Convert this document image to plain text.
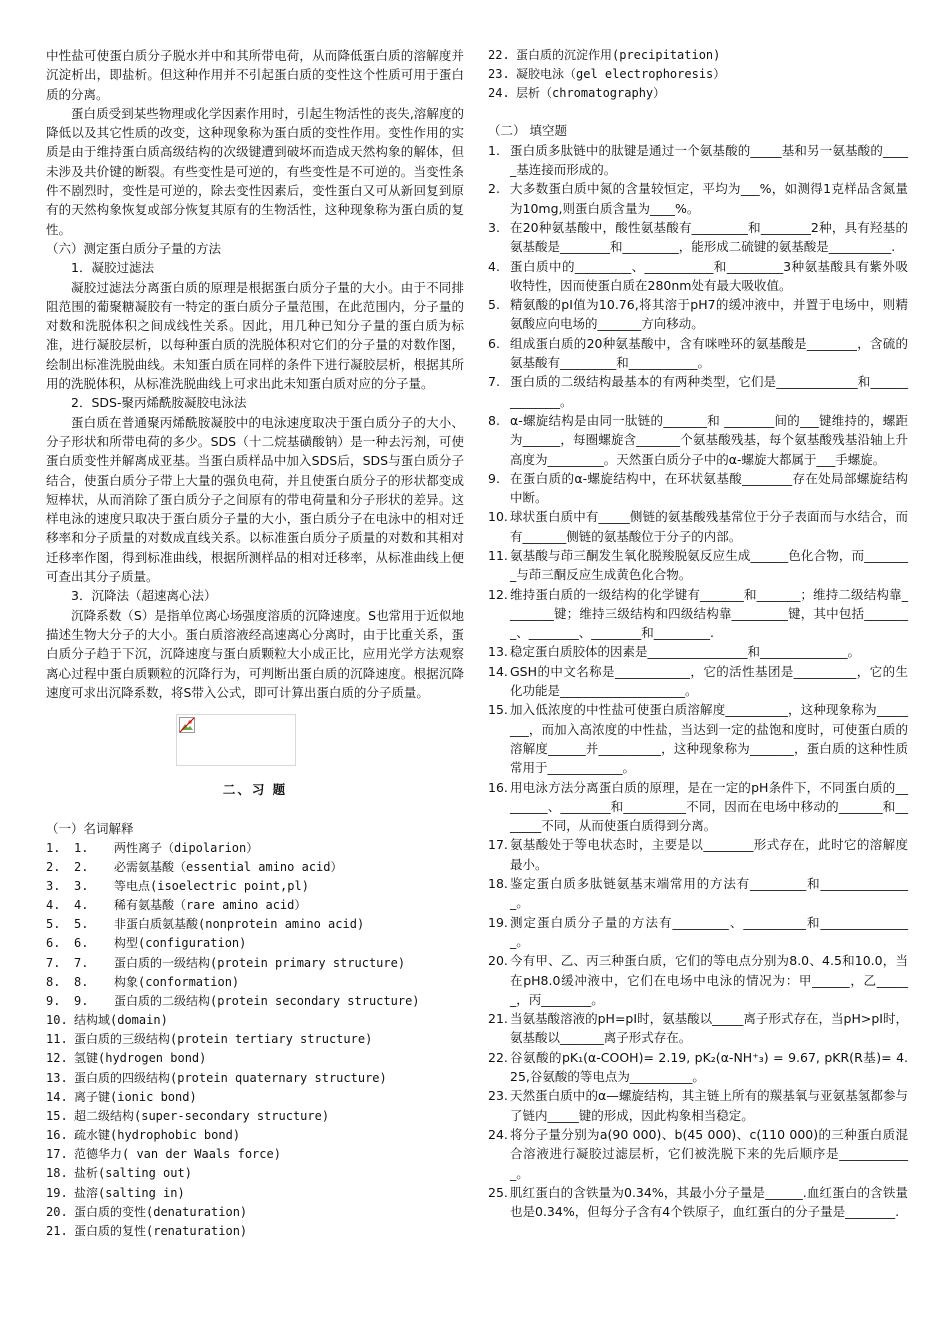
中性盐可使蛋白质分子脱水并中和其所带电荷，从而降低蛋白质的溶解度并沉淀析出，即盐析。但这种作用并不引起蛋白质的变性这个性质可用于蛋白质的分离。

蛋白质受到某些物理或化学因素作用时，引起生物活性的丧失,溶解度的降低以及其它性质的改变，这种现象称为蛋白质的变性作用。变性作用的实质是由于维持蛋白质高级结构的次级键遭到破坏而造成天然构象的解体，但未涉及共价键的断裂。有些变性是可逆的，有些变性是不可逆的。当变性条件不剧烈时，变性是可逆的，除去变性因素后，变性蛋白又可从新回复到原有的天然构象恢复或部分恢复其原有的生物活性，这种现象称为蛋白质的复性。

（六）测定蛋白质分子量的方法

1．凝胶过滤法

凝胶过滤法分离蛋白质的原理是根据蛋白质分子量的大小。由于不同排阻范围的葡聚糖凝胶有一特定的蛋白质分子量范围，在此范围内，分子量的对数和洗脱体积之间成线性关系。因此，用几种已知分子量的蛋白质为标准，进行凝胶层析，以每种蛋白质的洗脱体积对它们的分子量的对数作图，绘制出标准洗脱曲线。未知蛋白质在同样的条件下进行凝胶层析，根据其所用的洗脱体积，从标准洗脱曲线上可求出此未知蛋白质对应的分子量。

2．SDS-聚丙烯酰胺凝胶电泳法

蛋白质在普通聚丙烯酰胺凝胶中的电泳速度取决于蛋白质分子的大小、分子形状和所带电荷的多少。SDS（十二烷基磺酸钠）是一种去污剂，可使蛋白质变性并解离成亚基。当蛋白质样品中加入SDS后，SDS与蛋白质分子结合，使蛋白质分子带上大量的强负电荷，并且使蛋白质分子的形状都变成短棒状，从而消除了蛋白质分子之间原有的带电荷量和分子形状的差异。这样电泳的速度只取决于蛋白质分子量的大小，蛋白质分子在电泳中的相对迁移率和分子质量的对数成直线关系。以标准蛋白质分子质量的对数和其相对迁移率作图，得到标准曲线，根据所测样品的相对迁移率，从标准曲线上便可查出其分子质量。

3．沉降法（超速离心法）

沉降系数（S）是指单位离心场强度溶质的沉降速度。S也常用于近似地描述生物大分子的大小。蛋白质溶液经高速离心分离时，由于比重关系，蛋白质分子趋于下沉，沉降速度与蛋白质颗粒大小成正比，应用光学方法观察离心过程中蛋白质颗粒的沉降行为，可判断出蛋白质的沉降速度。根据沉降速度可求出沉降系数，将S带入公式，即可计算出蛋白质的分子质量。

二、习 题

（一）名词解释

1.	1.	两性离子（dipolarion）
2.	2.	必需氨基酸（essential amino acid）
3.	3.	等电点(isoelectric point,pl)
4.	4.	稀有氨基酸（rare amino acid）
5.	5.	非蛋白质氨基酸(nonprotein amino acid)
6.	6.	构型(configuration)
7.	7.	蛋白质的一级结构(protein primary structure)
8.	8.	构象(conformation)
9.	9.	蛋白质的二级结构(protein secondary structure)
10. 结构域(domain)
11. 蛋白质的三级结构(protein tertiary structure)
12. 氢键(hydrogen bond)
13. 蛋白质的四级结构(protein quaternary structure)
14. 离子键(ionic bond)
15. 超二级结构(super-secondary structure)
16. 疏水键(hydrophobic bond)
17. 范德华力( van der Waals force)
18. 盐析(salting out)
19. 盐溶(salting in)
20. 蛋白质的变性(denaturation)
21. 蛋白质的复性(renaturation)
22. 蛋白质的沉淀作用(precipitation)
23. 凝胶电泳（gel electrophoresis）
24. 层析（chromatography）

（二） 填空题

1. 蛋白质多肽链中的肽键是通过一个氨基酸的_____基和另一氨基酸的_____基连接而形成的。
2. 大多数蛋白质中氮的含量较恒定，平均为___%，如测得1克样品含氮量为10mg,则蛋白质含量为____%。
3. 在20种氨基酸中，酸性氨基酸有_________和________2种，具有羟基的氨基酸是________和_________，能形成二硫键的氨基酸是__________.
4. 蛋白质中的_________、___________和_________3种氨基酸具有紫外吸收特性，因而使蛋白质在280nm处有最大吸收值。
5. 精氨酸的pI值为10.76,将其溶于pH7的缓冲液中，并置于电场中，则精氨酸应向电场的_______方向移动。
6. 组成蛋白质的20种氨基酸中，含有咪唑环的氨基酸是________，含硫的氨基酸有_________和___________。
7. 蛋白质的二级结构最基本的有两种类型，它们是_____________和______________。
8. α-螺旋结构是由同一肽链的_______和 ________间的___键维持的，螺距为______，每圈螺旋含_______个氨基酸残基，每个氨基酸残基沿轴上升高度为_________。天然蛋白质分子中的α-螺旋大都属于___手螺旋。
9. 在蛋白质的α-螺旋结构中，在环状氨基酸________存在处局部螺旋结构中断。
10. 球状蛋白质中有_____侧链的氨基酸残基常位于分子表面而与水结合，而有_______侧链的氨基酸位于分子的内部。
11. 氨基酸与茚三酮发生氧化脱羧脱氨反应生成______色化合物，而________与茚三酮反应生成黄色化合物。
12. 维持蛋白质的一级结构的化学键有_______和_______；维持二级结构靠________键；维持三级结构和四级结构靠_________键，其中包括________、________、________和_________.
13. 稳定蛋白质胶体的因素是________________和______________。
14. GSH的中文名称是____________，它的活性基团是__________，它的生化功能是____________________。
15. 加入低浓度的中性盐可使蛋白质溶解度__________，这种现象称为________，而加入高浓度的中性盐，当达到一定的盐饱和度时，可使蛋白质的溶解度______并__________，这种现象称为_______，蛋白质的这种性质常用于____________。
16. 用电泳方法分离蛋白质的原理，是在一定的pH条件下，不同蛋白质的________、________和__________不同，因而在电场中移动的_______和_______不同，从而使蛋白质得到分离。
17. 氨基酸处于等电状态时，主要是以________形式存在，此时它的溶解度最小。
18. 鉴定蛋白质多肽链氨基末端常用的方法有_________和_______________。
19. 测定蛋白质分子量的方法有_________、__________和_______________。
20. 今有甲、乙、丙三种蛋白质，它们的等电点分别为8.0、4.5和10.0，当在pH8.0缓冲液中，它们在电场中电泳的情况为：甲______，乙______，丙________。
21. 当氨基酸溶液的pH=pI时，氨基酸以_____离子形式存在，当pH>pI时，氨基酸以_______离子形式存在。
22. 谷氨酸的pK₁(α-COOH)= 2.19, pK₂(α-NH⁺₃) = 9.67, pKR(R基)= 4.25,谷氨酸的等电点为__________。
23. 天然蛋白质中的α—螺旋结构，其主链上所有的羰基氧与亚氨基氢都参与了链内_____键的形成，因此构象相当稳定。
24. 将分子量分别为a(90 000)、b(45 000)、c(110 000)的三种蛋白质混合溶液进行凝胶过滤层析，它们被洗脱下来的先后顺序是____________。
25. 肌红蛋白的含铁量为0.34%，其最小分子量是______.血红蛋白的含铁量也是0.34%，但每分子含有4个铁原子，血红蛋白的分子量是________.
